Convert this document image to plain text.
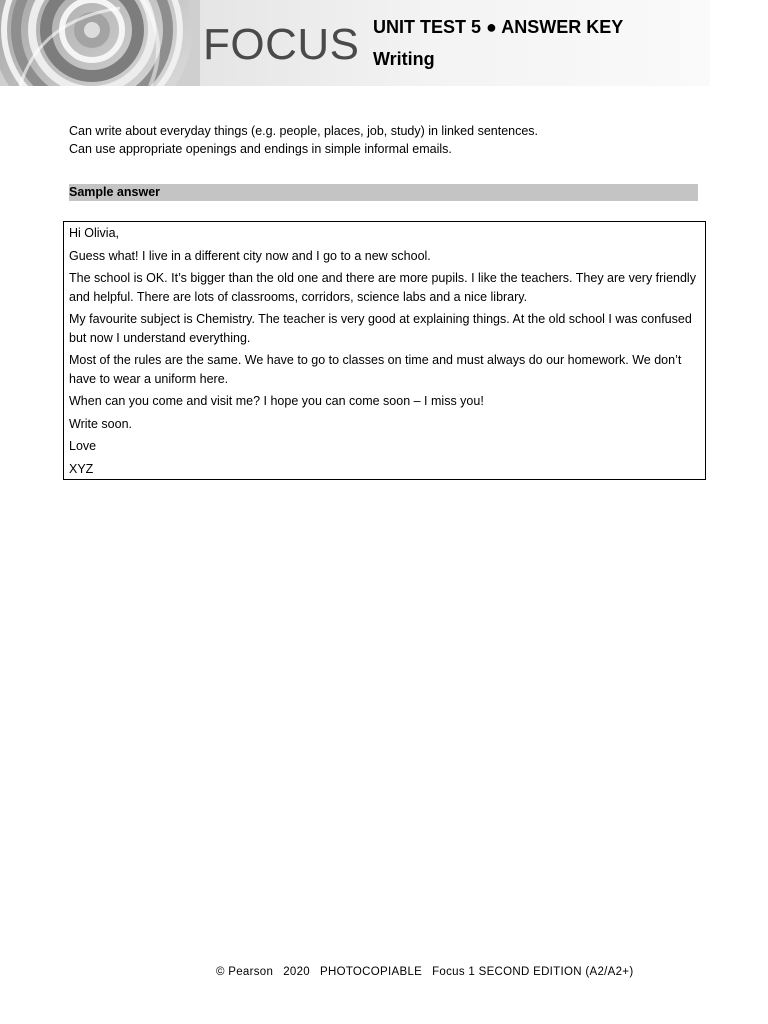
FOCUS UNIT TEST 5 ● ANSWER KEY
Writing
Can write about everyday things (e.g. people, places, job, study) in linked sentences.
Can use appropriate openings and endings in simple informal emails.
Sample answer

Hi Olivia,

Guess what! I live in a different city now and I go to a new school.

The school is OK. It’s bigger than the old one and there are more pupils. I like the teachers. They are very friendly and helpful. There are lots of classrooms, corridors, science labs and a nice library.

My favourite subject is Chemistry. The teacher is very good at explaining things. At the old school I was confused but now I understand everything.

Most of the rules are the same. We have to go to classes on time and must always do our homework. We don’t have to wear a uniform here.

When can you come and visit me? I hope you can come soon – I miss you!

Write soon.

Love

XYZ

© Pearson 2020 PHOTOCOPIABLE Focus 1 SECOND EDITION (A2/A2+)
